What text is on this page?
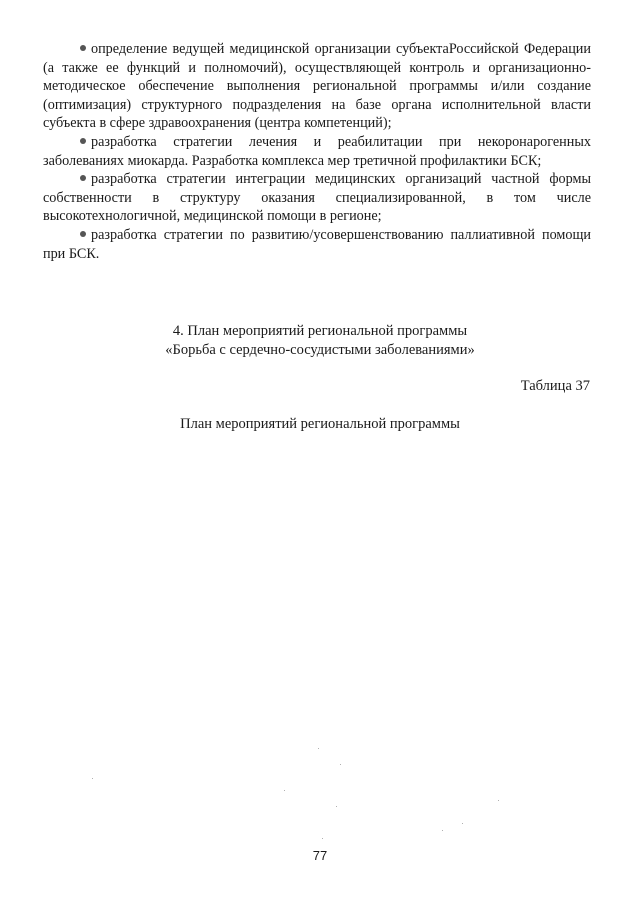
определение ведущей медицинской организации субъектаРоссийской Федерации (а также ее функций и полномочий), осуществляющей контроль и организационно-методическое обеспечение выполнения региональной программы и/или создание (оптимизация) структурного подразделения на базе органа исполнительной власти субъекта в сфере здравоохранения (центра компетенций);

разработка стратегии лечения и реабилитации при некоронарогенных заболеваниях миокарда. Разработка комплекса мер третичной профилактики БСК;

разработка стратегии интеграции медицинских организаций частной формы собственности в структуру оказания специализированной, в том числе высокотехнологичной, медицинской помощи в регионе;

разработка стратегии по развитию/усовершенствованию паллиативной помощи при БСК.

4. План мероприятий региональной программы
«Борьба с сердечно-сосудистыми заболеваниями»
Таблица 37
План мероприятий региональной программы
77
